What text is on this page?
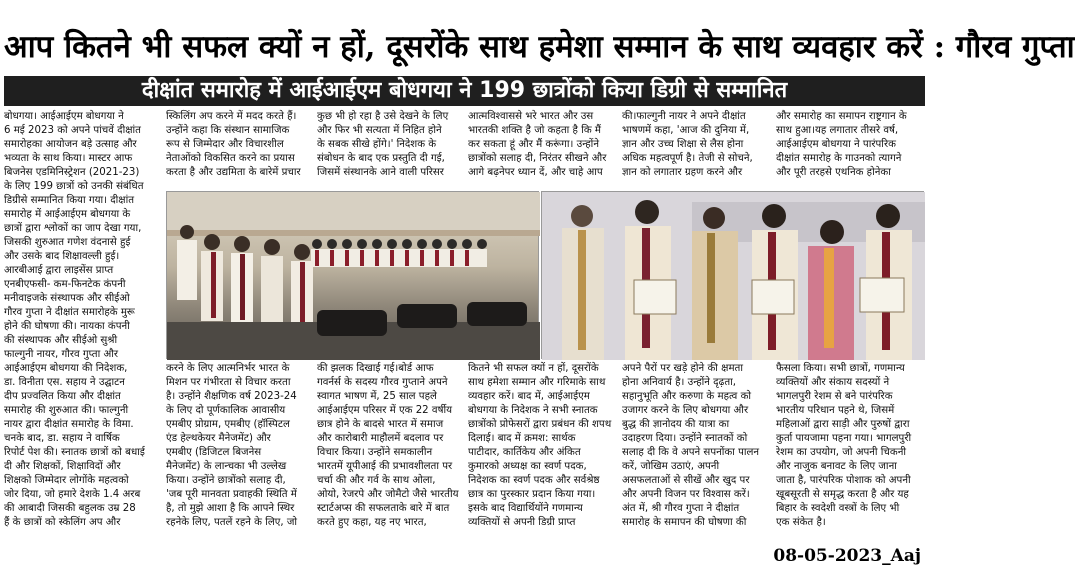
आप कितने भी सफल क्यों न हों, दूसरोंके साथ हमेशा सम्मान के साथ व्यवहार करें : गौरव गुप्ता
दीक्षांत समारोह में आईआईएम बोधगया ने 199 छात्रोंको किया डिग्री से सम्मानित
बोधगया। आईआईएम बोधगया ने
6 मई 2023 को अपने पांचवें दीक्षांत
समारोहका आयोजन बड़े उत्साह और
भव्यता के साथ किया। मास्टर आफ
बिजनेस एडमिनिस्ट्रेशन (2021-23)
के लिए 199 छात्रों को उनकी संबंधित
डिग्रीसे सम्मानित किया गया। दीक्षांत
समारोह में आईआईएम बोधगया के
छात्रों द्वारा श्लोकों का जाप देखा गया,
जिसकी शुरुआत गणेश वंदनासे हुई
और उसके बाद शिक्षावल्ली हुई।
आरबीआई द्वारा लाइसेंस प्राप्त
एनबीएफसी- कम-फिनटेक कंपनी
मनीवाइजके संस्थापक और सीईओ
गौरव गुप्ता ने दीक्षांत समारोहके मुरू
होने की घोषणा की। नायका कंपनी
की संस्थापक और सीईओ सुश्री
फाल्गुनी नायर, गौरव गुप्ता और
आईआईएम बोधगया की निदेशक,
डा. विनीता एस. सहाय ने उद्घाटन
दीप प्रज्वलित किया और दीक्षांत
समारोह की शुरुआत की। फाल्गुनी
नायर द्वारा दीक्षांत समारोह के विमा.
चनके बाद, डा. सहाय ने वार्षिक
रिपोर्ट पेश की। स्नातक छात्रों को बधाई
दी और शिक्षकों, शिक्षाविदों और
शिक्षको जिम्मेदार लोगोंके महत्वको
जोर दिया, जो हमारे देशके 1.4 अरब
की आबादी जिसकी बहुलक उम्र 28
हैं के छात्रों को स्केलिंग अप और
स्किलिंग अप करने में मदद करते हैं।
उन्होंने कहा कि संस्थान सामाजिक
रूप से जिम्मेदार और विचारशील
नेताओंको विकसित करने का प्रयास
करता है और उद्यमिता के बारेमें प्रचार
कुछ भी हो रहा है उसे देखने के लिए
और फिर भी सत्यता में निहित होने
के सबक सीखे होंगे।' निदेशक के
संबोधन के बाद एक प्रस्तुति दी गई,
जिसमें संस्थानके आने वाली परिसर
आत्मविश्वाससे भरे भारत और उस
भारतकी शक्ति है जो कहता है कि मैं
कर सकता हूं और मैं करूंगा। उन्होंने
छात्रोंको सलाह दी, निरंतर सीखने और
आगे बढ़नेपर ध्यान दें, और चाहे आप
की।फाल्गुनी नायर ने अपने दीक्षांत
भाषणमें कहा, 'आज की दुनिया में,
ज्ञान और उच्च शिक्षा से लैस होना
अधिक महत्वपूर्ण है। तेजी से सोचने,
ज्ञान को लगातार ग्रहण करने और
और समारोह का समापन राष्ट्रगान के
साथ हुआ।यह लगातार तीसरे वर्ष,
आईआईएम बोधगया ने पारंपरिक
दीक्षांत समारोह के गाउनको त्यागने
और पूरी तरहसे एथनिक होनेका
करने के लिए आत्मनिर्भर भारत के
मिशन पर गंभीरता से विचार करता
है। उन्होंने शैक्षणिक वर्ष 2023-24
के लिए दो पूर्णकालिक आवासीय
एमबीए प्रोग्राम, एमबीए (हॉस्पिटल
एंड हेल्थकेयर मैनेजमेंट) और
एमबीए (डिजिटल बिजनेस
मैनेजमेंट) के लान्चका भी उल्लेख
किया। उन्होंने छात्रोंको सलाह दी,
'जब पूरी मानवता प्रवाहकी स्थिति में
है, तो मुझे आशा है कि आपने स्थिर
रहनेके लिए, पतलें रहने के लिए, जो
की झलक दिखाई गई।बोर्ड आफ
गवर्नर्स के सदस्य गौरव गुप्ताने अपने
स्वागत भाषण में, 25 साल पहले
आईआईएम परिसर में एक 22 वर्षीय
छात्र होने के बादसे भारत में समाज
और कारोबारी माहौलमें बदलाव पर
विचार किया। उन्होंने समकालीन
भारतमें यूपीआई की प्रभावशीलता पर
चर्चा की और गर्व के साथ ओला,
ओयो, रेजरपे और जोमैटो जैसे भारतीय
स्टार्टअप्स की सफलताके बारे में बात
करते हुए कहा, यह नए भारत,
कितने भी सफल क्यों न हों, दूसरोंके
साथ हमेशा सम्मान और गरिमाके साथ
व्यवहार करें। बाद में, आईआईएम
बोधगया के निदेशक ने सभी स्नातक
छात्रोंको प्रोफेसरों द्वारा प्रबंधन की शपथ
दिलाई। बाद में क्रमश: सार्थक
पाटीदार, कार्तिकेय और अंकित
कुमारको अध्यक्ष का स्वर्ण पदक,
निदेशक का स्वर्ण पदक और सर्वश्रेष्ठ
छात्र का पुरस्कार प्रदान किया गया।
इसके बाद विद्यार्थियोंने गणमान्य
व्यक्तियों से अपनी डिग्री प्राप्त
अपने पैरों पर खड़े होने की क्षमता
होना अनिवार्य है। उन्होंने दृढ़ता,
सहानुभूति और करुणा के महत्व को
उजागर करने के लिए बोधगया और
बुद्ध की ज्ञानोदय की यात्रा का
उदाहरण दिया। उन्होंने स्नातकों को
सलाह दी कि वे अपने सपनोंका पालन
करें, जोखिम उठाएं, अपनी
असफलताओं से सीखें और खुद पर
और अपनी विजन पर विश्वास करें।
अंत में, श्री गौरव गुप्ता ने दीक्षांत
समारोह के समापन की घोषणा की
फैसला किया। सभी छात्रों, गणमान्य
व्यक्तियों और संकाय सदस्यों ने
भागलपुरी रेशम से बने पारंपरिक
भारतीय परिधान पहने थे, जिसमें
महिलाओं द्वारा साड़ी और पुरुषों द्वारा
कुर्ता पायजामा पहना गया। भागलपुरी
रेशम का उपयोग, जो अपनी चिकनी
और नाजुक बनावट के लिए जाना
जाता है, पारंपरिक पोशाक को अपनी
खूबसूरती से समृद्ध करता है और यह
बिहार के स्वदेशी वस्त्रों के लिए भी
एक संकेत है।
08-05-2023_Aaj
